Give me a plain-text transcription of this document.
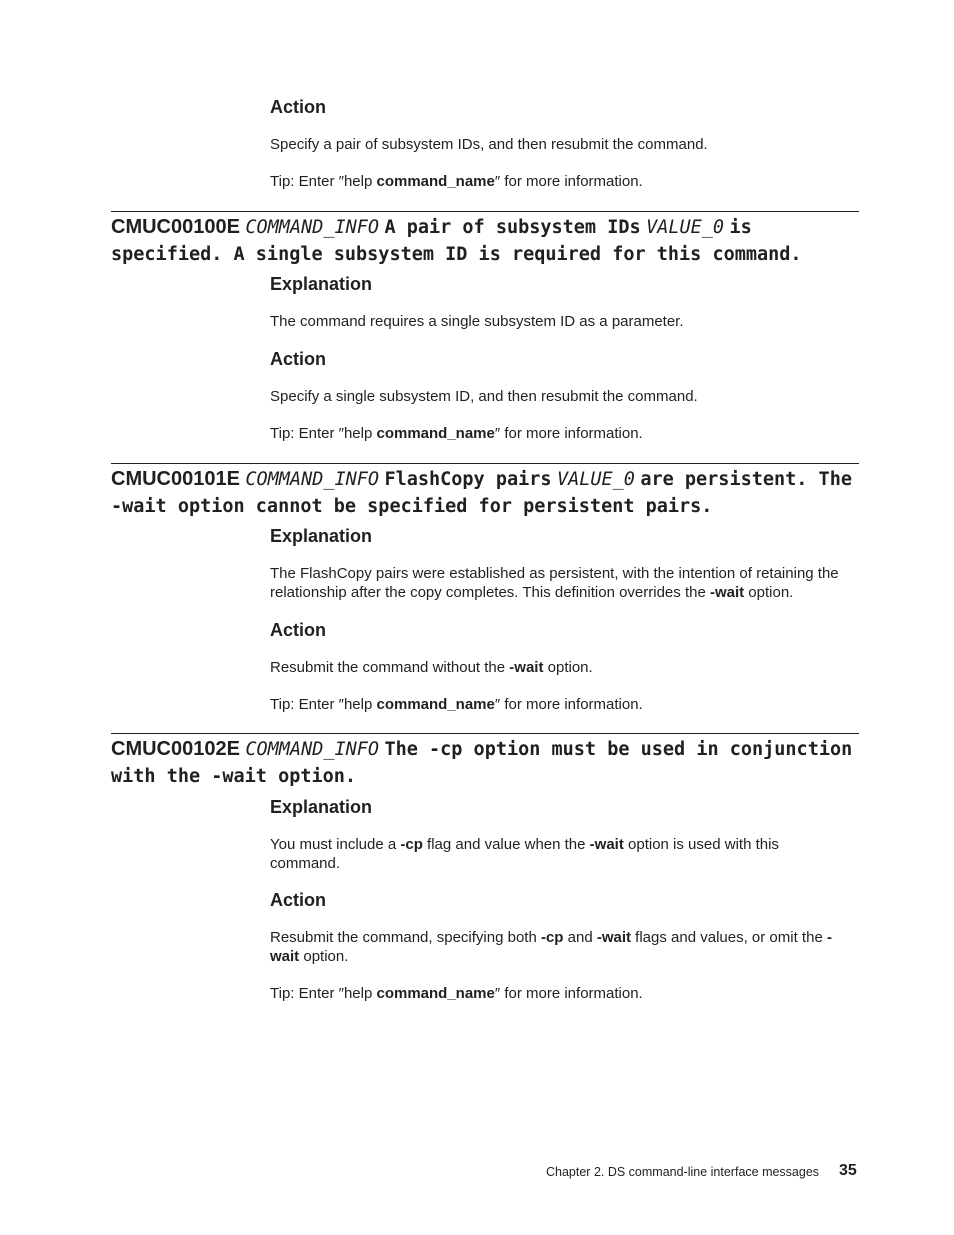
Action
Specify a pair of subsystem IDs, and then resubmit the command.
Tip: Enter ″help command_name″ for more information.
CMUC00100E COMMAND_INFO A pair of subsystem IDs VALUE_0 is specified. A single subsystem ID is required for this command.
Explanation
The command requires a single subsystem ID as a parameter.
Action
Specify a single subsystem ID, and then resubmit the command.
Tip: Enter ″help command_name″ for more information.
CMUC00101E COMMAND_INFO FlashCopy pairs VALUE_0 are persistent. The -wait option cannot be specified for persistent pairs.
Explanation
The FlashCopy pairs were established as persistent, with the intention of retaining the relationship after the copy completes. This definition overrides the -wait option.
Action
Resubmit the command without the -wait option.
Tip: Enter ″help command_name″ for more information.
CMUC00102E COMMAND_INFO The -cp option must be used in conjunction with the -wait option.
Explanation
You must include a -cp flag and value when the -wait option is used with this command.
Action
Resubmit the command, specifying both -cp and -wait flags and values, or omit the -wait option.
Tip: Enter ″help command_name″ for more information.
Chapter 2. DS command-line interface messages 35
